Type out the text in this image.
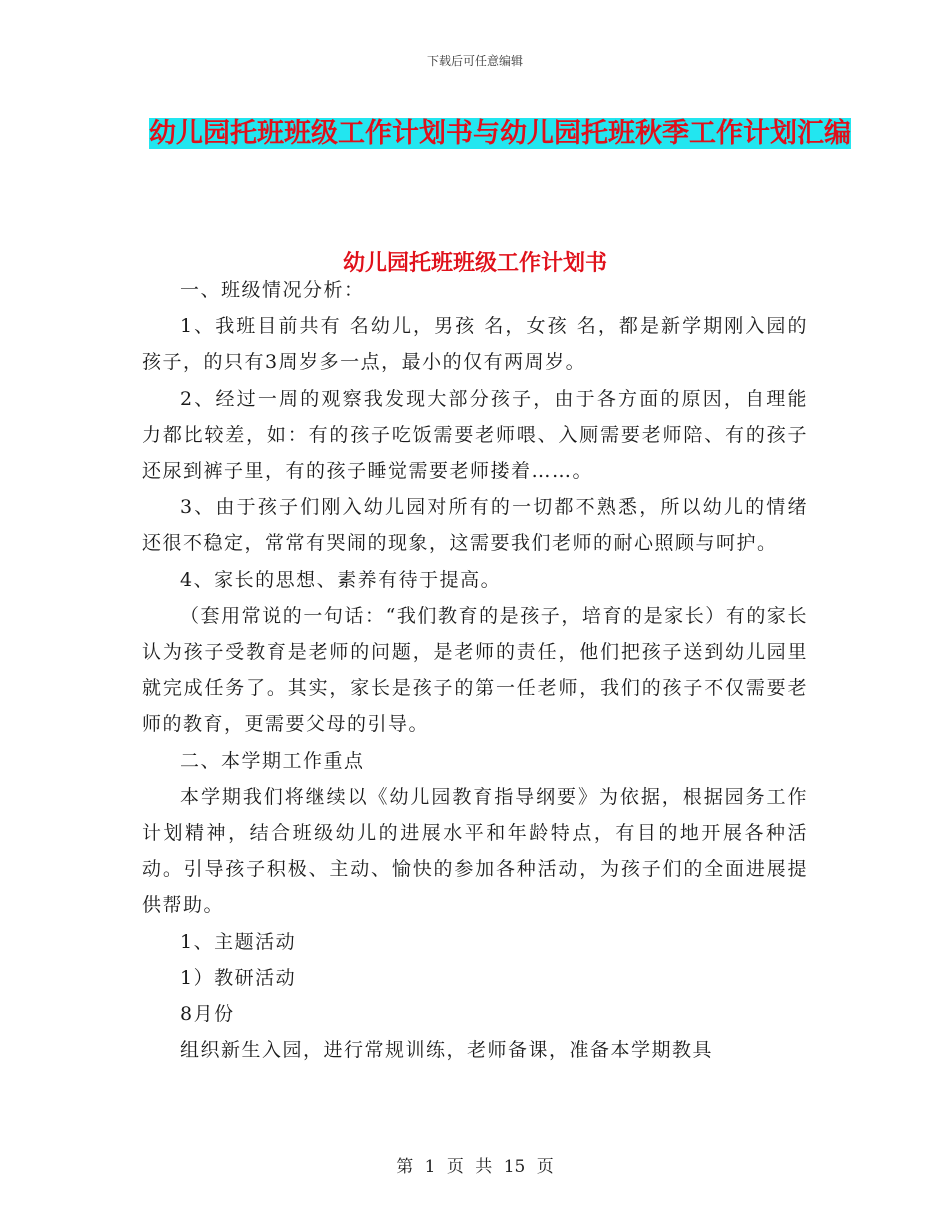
下载后可任意编辑
幼儿园托班班级工作计划书与幼儿园托班秋季工作计划汇编
幼儿园托班班级工作计划书

一、班级情况分析：

1、我班目前共有 名幼儿，男孩 名，女孩 名，都是新学期刚入园的孩子，的只有3周岁多一点，最小的仅有两周岁。

2、经过一周的观察我发现大部分孩子，由于各方面的原因，自理能力都比较差，如：有的孩子吃饭需要老师喂、入厕需要老师陪、有的孩子还尿到裤子里，有的孩子睡觉需要老师搂着……。

3、由于孩子们刚入幼儿园对所有的一切都不熟悉，所以幼儿的情绪还很不稳定，常常有哭闹的现象，这需要我们老师的耐心照顾与呵护。

4、家长的思想、素养有待于提高。

（套用常说的一句话：“我们教育的是孩子，培育的是家长）有的家长认为孩子受教育是老师的问题，是老师的责任，他们把孩子送到幼儿园里就完成任务了。其实，家长是孩子的第一任老师，我们的孩子不仅需要老师的教育，更需要父母的引导。

二、本学期工作重点

本学期我们将继续以《幼儿园教育指导纲要》为依据，根据园务工作计划精神，结合班级幼儿的进展水平和年龄特点，有目的地开展各种活动。引导孩子积极、主动、愉快的参加各种活动，为孩子们的全面进展提供帮助。

1、主题活动

1）教研活动

8月份

组织新生入园，进行常规训练，老师备课，准备本学期教具

第 1 页 共 15 页
